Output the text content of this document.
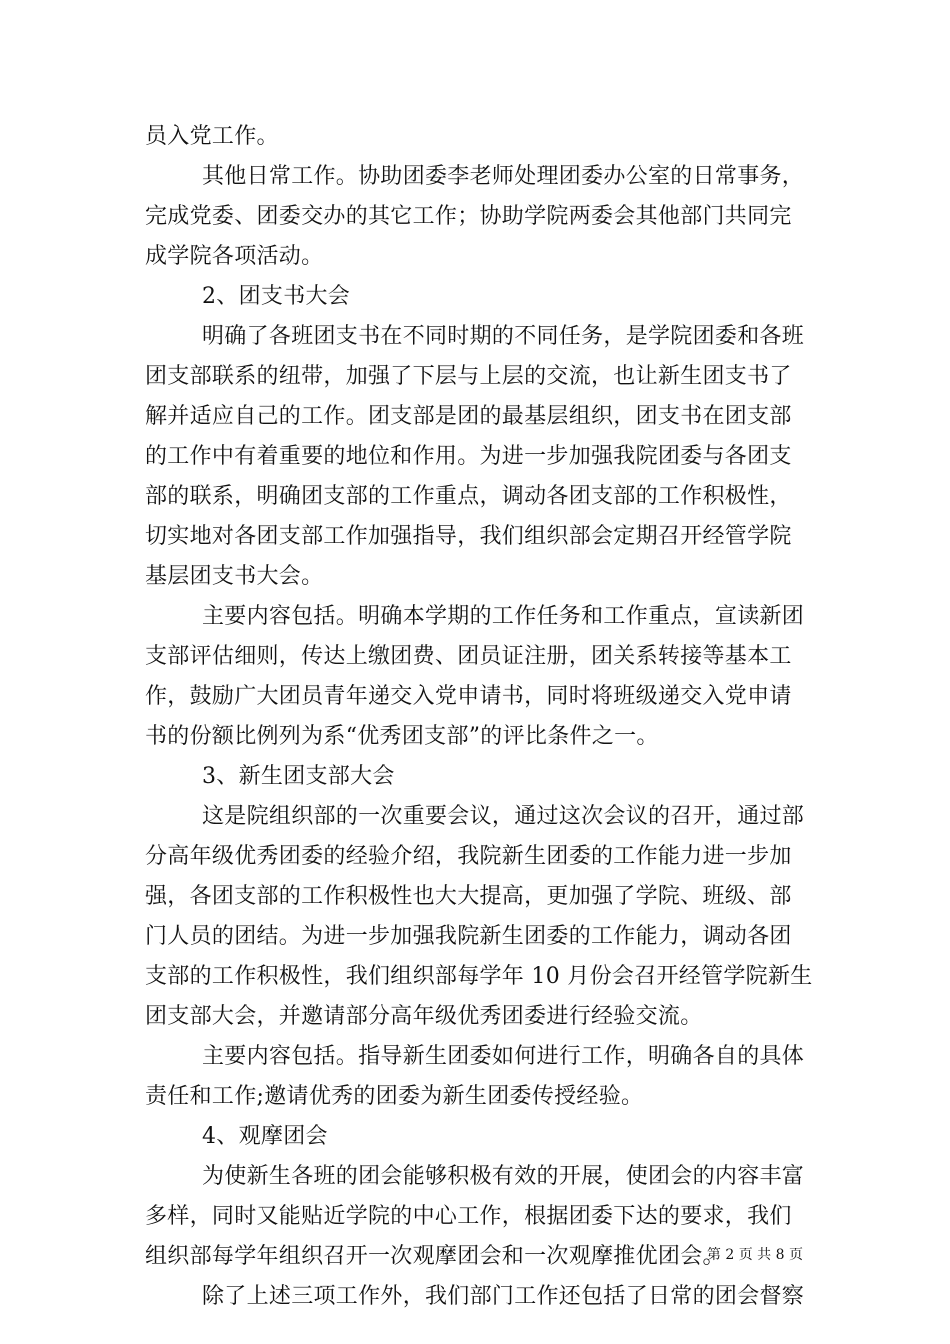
员入党工作。
其他日常工作。协助团委李老师处理团委办公室的日常事务，
完成党委、团委交办的其它工作；协助学院两委会其他部门共同完
成学院各项活动。
2、团支书大会
明确了各班团支书在不同时期的不同任务，是学院团委和各班
团支部联系的纽带，加强了下层与上层的交流，也让新生团支书了
解并适应自己的工作。团支部是团的最基层组织，团支书在团支部
的工作中有着重要的地位和作用。为进一步加强我院团委与各团支
部的联系，明确团支部的工作重点，调动各团支部的工作积极性，
切实地对各团支部工作加强指导，我们组织部会定期召开经管学院
基层团支书大会。
主要内容包括。明确本学期的工作任务和工作重点，宣读新团
支部评估细则，传达上缴团费、团员证注册，团关系转接等基本工
作，鼓励广大团员青年递交入党申请书，同时将班级递交入党申请
书的份额比例列为系“优秀团支部”的评比条件之一。
3、新生团支部大会
这是院组织部的一次重要会议，通过这次会议的召开，通过部
分高年级优秀团委的经验介绍，我院新生团委的工作能力进一步加
强，各团支部的工作积极性也大大提高，更加强了学院、班级、部
门人员的团结。为进一步加强我院新生团委的工作能力，调动各团
支部的工作积极性，我们组织部每学年 10 月份会召开经管学院新生
团支部大会，并邀请部分高年级优秀团委进行经验交流。
主要内容包括。指导新生团委如何进行工作，明确各自的具体
责任和工作;邀请优秀的团委为新生团委传授经验。
4、观摩团会
为使新生各班的团会能够积极有效的开展，使团会的内容丰富
多样，同时又能贴近学院的中心工作，根据团委下达的要求，我们
组织部每学年组织召开一次观摩团会和一次观摩推优团会。
除了上述三项工作外，我们部门工作还包括了日常的团会督察
第 2 页 共 8 页
